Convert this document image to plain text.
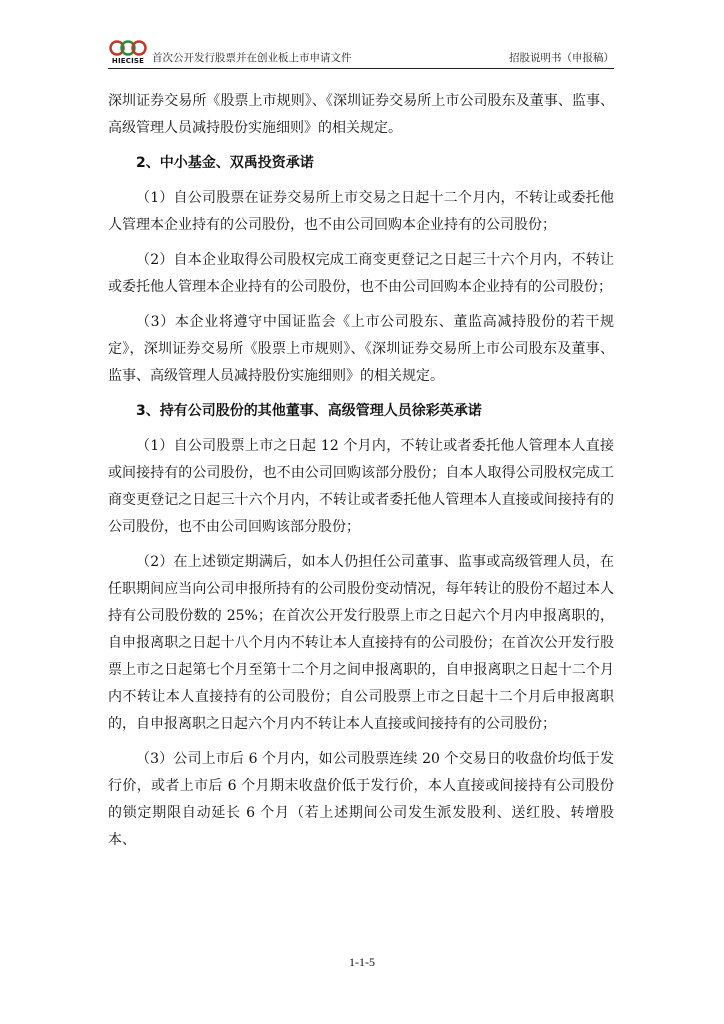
HIECISE 首次公开发行股票并在创业板上市申请文件	招股说明书（申报稿）

深圳证券交易所《股票上市规则》、《深圳证券交易所上市公司股东及董事、监事、高级管理人员减持股份实施细则》的相关规定。

2、中小基金、双禹投资承诺

（1）自公司股票在证券交易所上市交易之日起十二个月内，不转让或委托他人管理本企业持有的公司股份，也不由公司回购本企业持有的公司股份；

（2）自本企业取得公司股权完成工商变更登记之日起三十六个月内，不转让或委托他人管理本企业持有的公司股份，也不由公司回购本企业持有的公司股份；

（3）本企业将遵守中国证监会《上市公司股东、董监高减持股份的若干规定》，深圳证券交易所《股票上市规则》、《深圳证券交易所上市公司股东及董事、监事、高级管理人员减持股份实施细则》的相关规定。

3、持有公司股份的其他董事、高级管理人员徐彩英承诺

（1）自公司股票上市之日起 12 个月内，不转让或者委托他人管理本人直接或间接持有的公司股份，也不由公司回购该部分股份；自本人取得公司股权完成工商变更登记之日起三十六个月内，不转让或者委托他人管理本人直接或间接持有的公司股份，也不由公司回购该部分股份；

（2）在上述锁定期满后，如本人仍担任公司董事、监事或高级管理人员，在任职期间应当向公司申报所持有的公司股份变动情况，每年转让的股份不超过本人持有公司股份数的 25%；在首次公开发行股票上市之日起六个月内申报离职的，自申报离职之日起十八个月内不转让本人直接持有的公司股份；在首次公开发行股票上市之日起第七个月至第十二个月之间申报离职的，自申报离职之日起十二个月内不转让本人直接持有的公司股份；自公司股票上市之日起十二个月后申报离职的，自申报离职之日起六个月内不转让本人直接或间接持有的公司股份；

（3）公司上市后 6 个月内，如公司股票连续 20 个交易日的收盘价均低于发行价，或者上市后 6 个月期末收盘价低于发行价，本人直接或间接持有公司股份的锁定期限自动延长 6 个月（若上述期间公司发生派发股利、送红股、转增股本、

1-1-5
